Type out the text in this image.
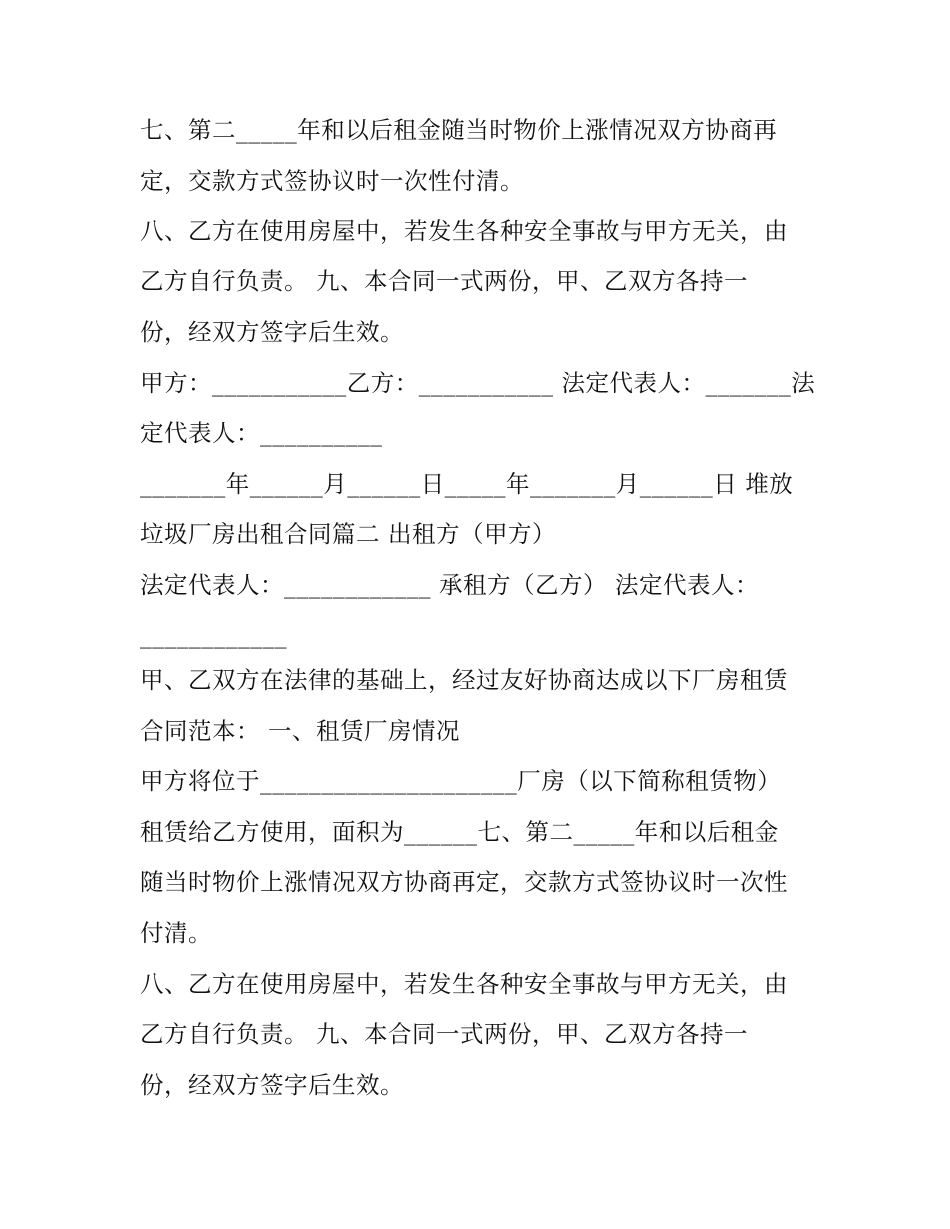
七、第二_____年和以后租金随当时物价上涨情况双方协商再
定，交款方式签协议时一次性付清。
八、乙方在使用房屋中，若发生各种安全事故与甲方无关，由
乙方自行负责。 九、本合同一式两份，甲、乙双方各持一
份，经双方签字后生效。
甲方：___________乙方：___________ 法定代表人：_______法
定代表人：__________
_______年______月______日_____年_______月______日 堆放
垃圾厂房出租合同篇二 出租方（甲方）
法定代表人：____________ 承租方（乙方） 法定代表人：
____________
甲、乙双方在法律的基础上，经过友好协商达成以下厂房租赁
合同范本： 一、租赁厂房情况
甲方将位于_____________________厂房（以下简称租赁物）
租赁给乙方使用，面积为______七、第二_____年和以后租金
随当时物价上涨情况双方协商再定，交款方式签协议时一次性
付清。
八、乙方在使用房屋中，若发生各种安全事故与甲方无关，由
乙方自行负责。 九、本合同一式两份，甲、乙双方各持一
份，经双方签字后生效。
